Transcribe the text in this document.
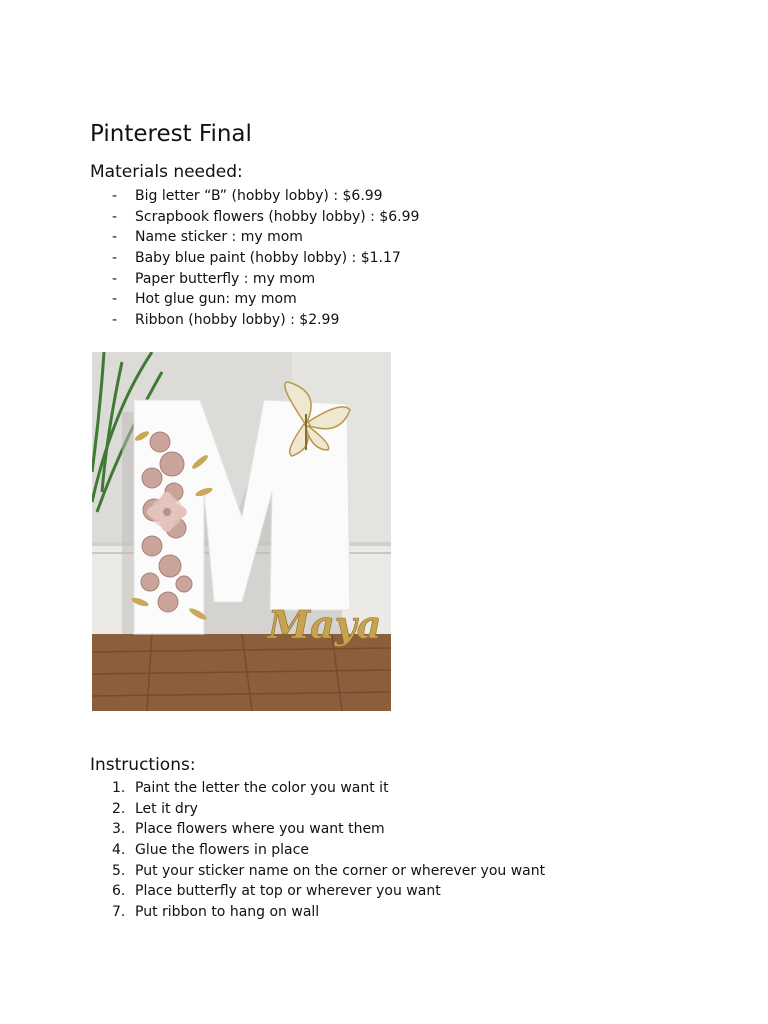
Pinterest Final
Materials needed:
-	Big letter “B” (hobby lobby) : $6.99
-	Scrapbook flowers (hobby lobby) : $6.99
-	Name sticker : my mom
-	Baby blue paint (hobby lobby) : $1.17
-	Paper butterfly : my mom
-	Hot glue gun: my mom
-	Ribbon (hobby lobby) : $2.99
Maya
Instructions:
1. Paint the letter the color you want it
2. Let it dry
3. Place flowers where you want them
4. Glue the flowers in place
5. Put your sticker name on the corner or wherever you want
6. Place butterfly at top or wherever you want
7. Put ribbon to hang on wall
